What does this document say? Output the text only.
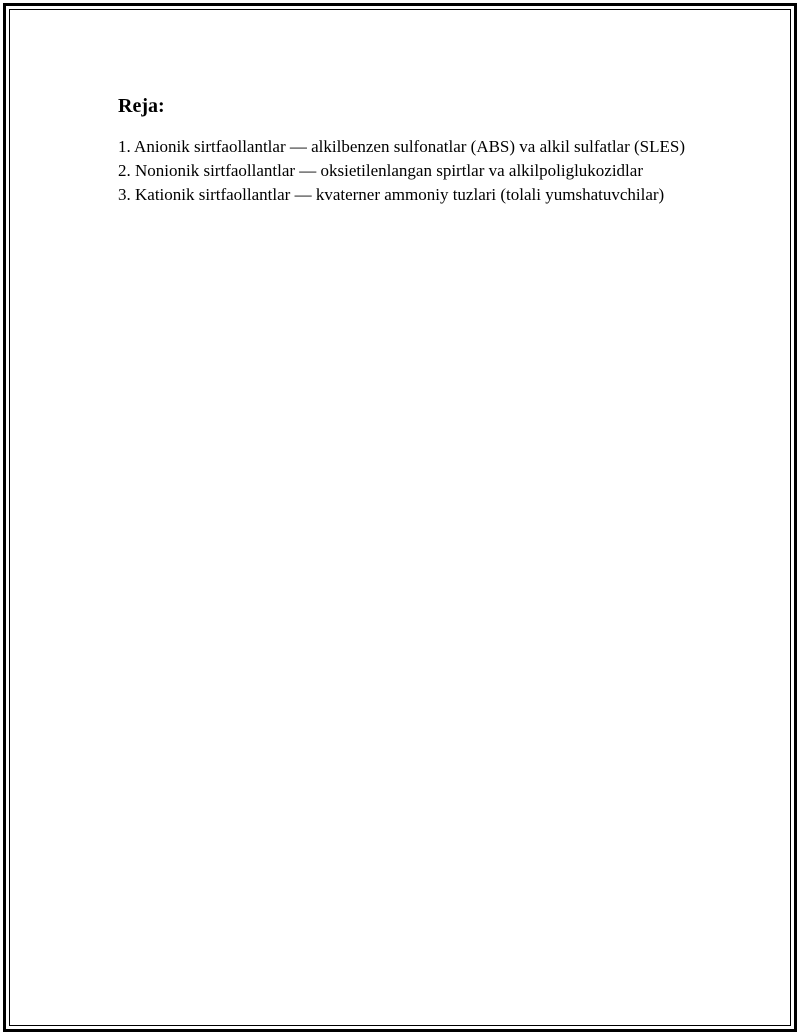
Reja:

1. Anionik sirtfaollantlar — alkilbenzen sulfonatlar (ABS) va alkil sulfatlar (SLES)

2. Nonionik sirtfaollantlar — oksietilenlangan spirtlar va alkilpoliglukozidlar

3. Kationik sirtfaollantlar — kvaterner ammoniy tuzlari (tolali yumshatuvchilar)
